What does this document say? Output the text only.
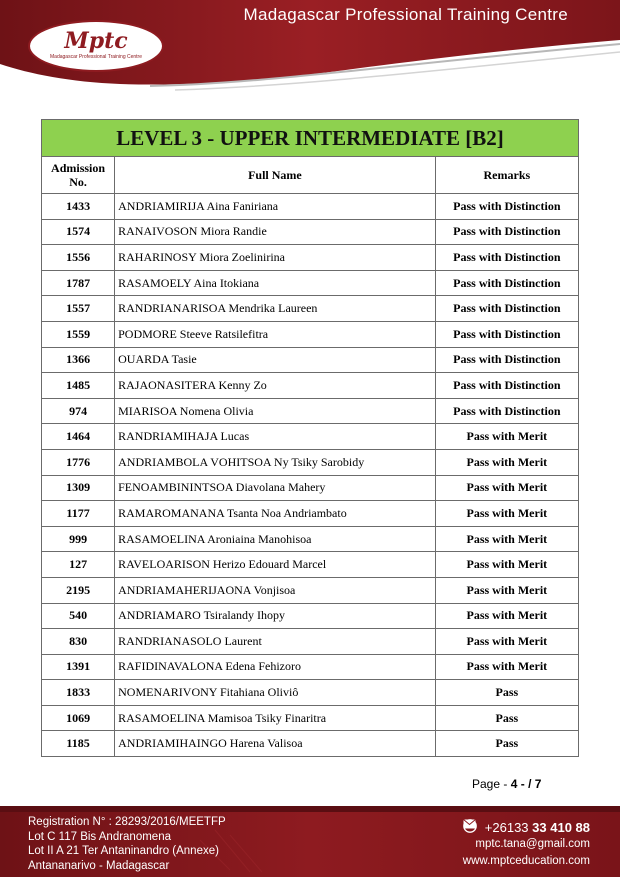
Mptc
Madagascar Professional Training Centre
Madagascar Professional Training Centre
LEVEL 3 - UPPER INTERMEDIATE [B2]		
Admission No.	Full Name	Remarks
1433	ANDRIAMIRIJA Aina Faniriana	Pass with Distinction
1574	RANAIVOSON Miora Randie	Pass with Distinction
1556	RAHARINOSY Miora Zoelinirina	Pass with Distinction
1787	RASAMOELY Aina Itokiana	Pass with Distinction
1557	RANDRIANARISOA Mendrika Laureen	Pass with Distinction
1559	PODMORE Steeve Ratsilefitra	Pass with Distinction
1366	OUARDA Tasie	Pass with Distinction
1485	RAJAONASITERA Kenny Zo	Pass with Distinction
974	MIARISOA Nomena Olivia	Pass with Distinction
1464	RANDRIAMIHAJA Lucas	Pass with Merit
1776	ANDRIAMBOLA VOHITSOA Ny Tsiky Sarobidy	Pass with Merit
1309	FENOAMBININTSOA Diavolana Mahery	Pass with Merit
1177	RAMAROMANANA Tsanta Noa Andriambato	Pass with Merit
999	RASAMOELINA Aroniaina Manohisoa	Pass with Merit
127	RAVELOARISON Herizo Edouard Marcel	Pass with Merit
2195	ANDRIAMAHERIJAONA Vonjisoa	Pass with Merit
540	ANDRIAMARO Tsiralandy Ihopy	Pass with Merit
830	RANDRIANASOLO Laurent	Pass with Merit
1391	RAFIDINAVALONA Edena Fehizoro	Pass with Merit
1833	NOMENARIVONY Fitahiana Oliviô	Pass
1069	RASAMOELINA Mamisoa Tsiky Finaritra	Pass
1185	ANDRIAMIHAINGO Harena Valisoa	Pass
Page - 4 - / 7
Registration N° : 28293/2016/MEETFP
Lot C 117 Bis Andranomena
Lot II A 21 Ter Antaninandro (Annexe)
Antananarivo - Madagascar
+26133 33 410 88
mptc.tana@gmail.com
www.mptceducation.com
